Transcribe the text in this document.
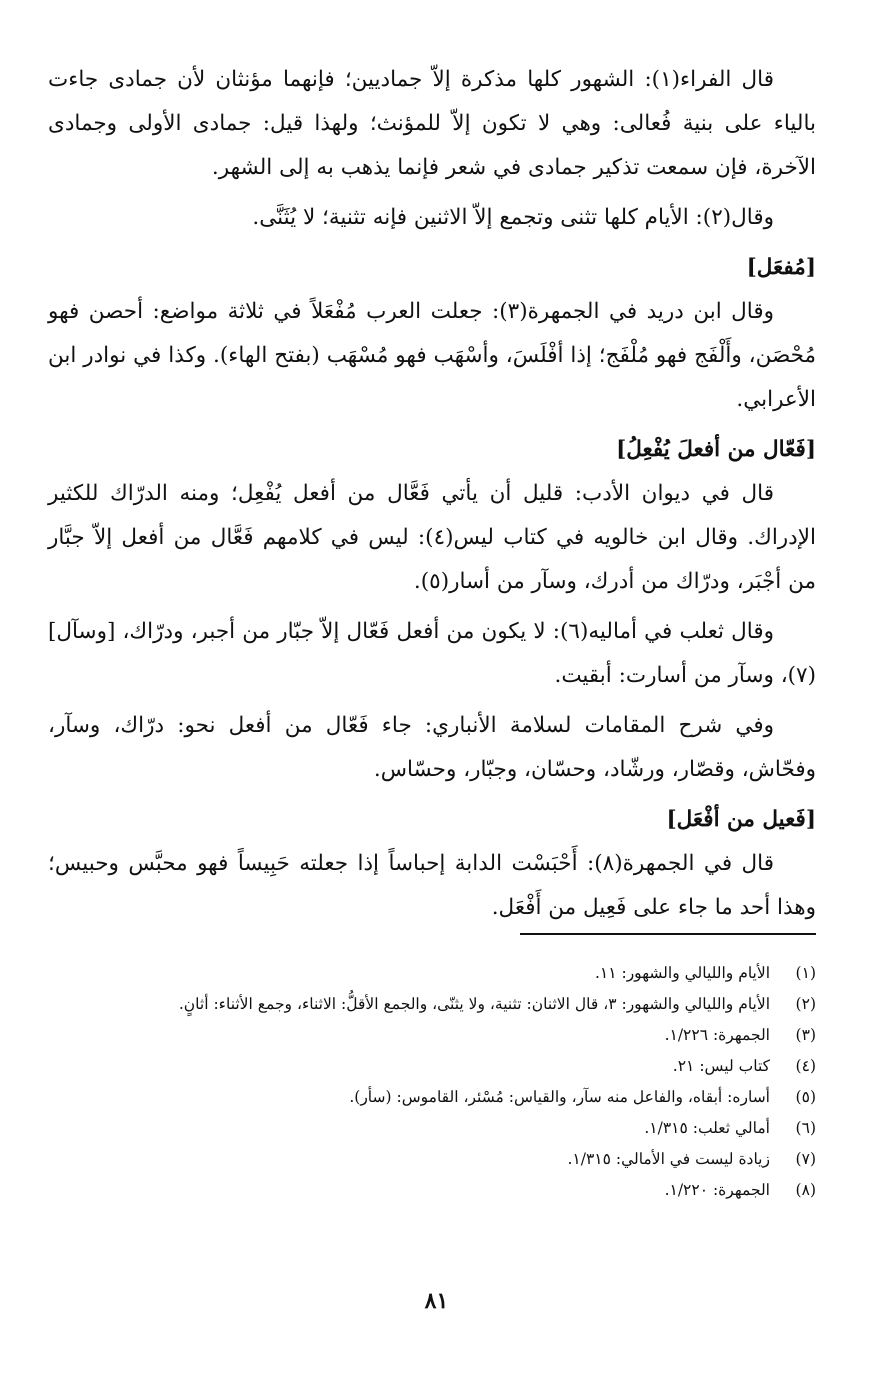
قال الفراء(١): الشهور كلها مذكرة إلاّ جماديين؛ فإنهما مؤنثان لأن جمادى جاءت بالياء على بنية فُعالى: وهي لا تكون إلاّ للمؤنث؛ ولهذا قيل: جمادى الأولى وجمادى الآخرة، فإن سمعت تذكير جمادى في شعر فإنما يذهب به إلى الشهر.

وقال(٢): الأيام كلها تثنى وتجمع إلاّ الاثنين فإنه تثنية؛ لا يُثَنَّى.

[مُفعَل]

وقال ابن دريد في الجمهرة(٣): جعلت العرب مُفْعَلاً في ثلاثة مواضع: أحصن فهو مُحْصَن، وأَلْفَج فهو مُلْفَج؛ إذا أفْلَسَ، وأسْهَب فهو مُسْهَب (بفتح الهاء). وكذا في نوادر ابن الأعرابي.

[فَعّال من أفعلَ يُفْعِلُ]

قال في ديوان الأدب: قليل أن يأتي فَعَّال من أفعل يُفْعِل؛ ومنه الدرّاك للكثير الإدراك. وقال ابن خالويه في كتاب ليس(٤): ليس في كلامهم فَعَّال من أفعل إلاّ جبَّار من أجْبَر، ودرّاك من أدرك، وسآر من أسار(٥).

وقال ثعلب في أماليه(٦): لا يكون من أفعل فَعّال إلاّ جبّار من أجبر، ودرّاك، [وسآل](٧)، وسآر من أسارت: أبقيت.

وفي شرح المقامات لسلامة الأنباري: جاء فَعّال من أفعل نحو: درّاك، وسآر، وفحّاش، وقصّار، ورشّاد، وحسّان، وجبّار، وحسّاس.

[فَعيل من أفْعَل]

قال في الجمهرة(٨): أَحْبَسْت الدابة إحباساً إذا جعلته حَبِيساً فهو محبَّس وحبيس؛ وهذا أحد ما جاء على فَعِيل من أَفْعَل.

(١)
الأيام والليالي والشهور: ١١.
(٢)
الأيام والليالي والشهور: ٣، قال الاثنان: تثنية، ولا يثنّى، والجمع الأقلُّ: الاثناء، وجمع الأثناء: أثانٍ.
(٣)
الجمهرة: ١/٢٢٦.
(٤)
كتاب ليس: ٢١.
(٥)
أساره: أبقاه، والفاعل منه سآر، والقياس: مُسْئر، القاموس: (سأر).
(٦)
أمالي ثعلب: ١/٣١٥.
(٧)
زيادة ليست في الأمالي: ١/٣١٥.
(٨)
الجمهرة: ١/٢٢٠.
٨١
